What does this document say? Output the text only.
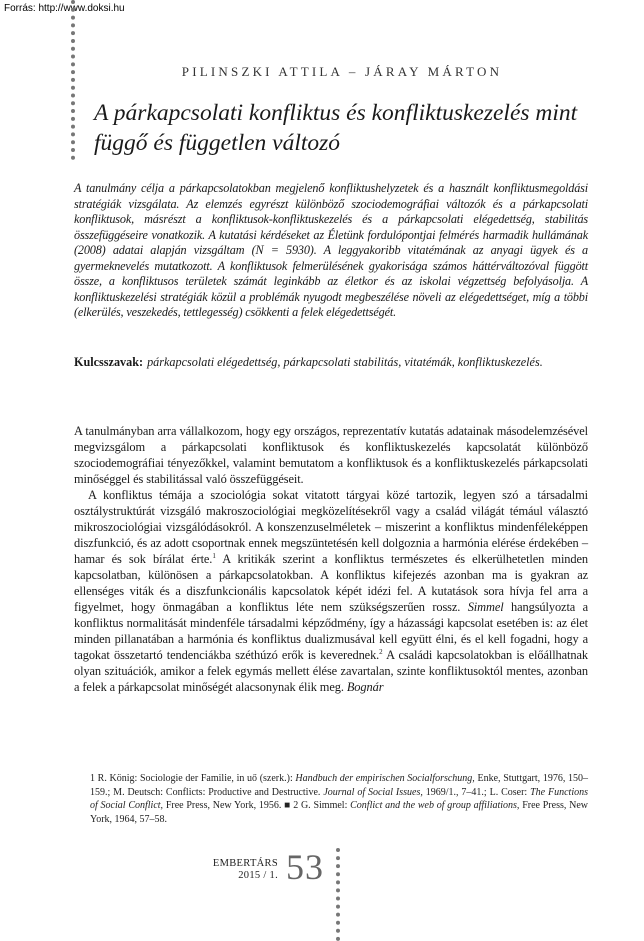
Forrás: http://www.doksi.hu

PILINSZKI ATTILA – JÁRAY MÁRTON

A párkapcsolati konfliktus és konfliktuskezelés mint függő és független változó

A tanulmány célja a párkapcsolatokban megjelenő konfliktushelyzetek és a használt konfliktusmegoldási stratégiák vizsgálata. Az elemzés egyrészt különböző szociodemográfiai változók és a párkapcsolati konfliktusok, másrészt a konfliktusok-konfliktuskezelés és a párkapcsolati elégedettség, stabilitás összefüggéseire vonatkozik. A kutatási kérdéseket az Életünk fordulópontjai felmérés harmadik hullámának (2008) adatai alapján vizsgáltam (N = 5930). A leggyakoribb vitatémának az anyagi ügyek és a gyermeknevelés mutatkozott. A konfliktusok felmerülésének gyakorisága számos háttérváltozóval függött össze, a konfliktusos területek számát leginkább az életkor és az iskolai végzettség befolyásolja. A konfliktuskezelési stratégiák közül a problémák nyugodt megbeszélése növeli az elégedettséget, míg a többi (elkerülés, veszekedés, tettlegesség) csökkenti a felek elégedettségét.

Kulcsszavak: párkapcsolati elégedettség, párkapcsolati stabilitás, vitatémák, konfliktuskezelés.

A tanulmányban arra vállalkozom, hogy egy országos, reprezentatív kutatás adatainak másodelemzésével megvizsgálom a párkapcsolati konfliktusok és konfliktuskezelés kapcsolatát különböző szociodemográfiai tényezőkkel, valamint bemutatom a konfliktusok és a konfliktuskezelés párkapcsolati minőséggel és stabilitással való összefüggéseit.

A konfliktus témája a szociológia sokat vitatott tárgyai közé tartozik, legyen szó a társadalmi osztálystruktúrát vizsgáló makroszociológiai megközelítésekről vagy a család világát témául választó mikroszociológiai vizsgálódásokról. A konszenzuselméletek – miszerint a konfliktus mindenféleképpen diszfunkció, és az adott csoportnak ennek megszüntetésén kell dolgoznia a harmónia elérése érdekében – hamar és sok bírálat érte.$^1$ A kritikák szerint a konfliktus természetes és elkerülhetetlen minden kapcsolatban, különösen a párkapcsolatokban. A konfliktus kifejezés azonban ma is gyakran az ellenséges viták és a diszfunkcionális kapcsolatok képét idézi fel. A kutatások sora hívja fel arra a figyelmet, hogy önmagában a konfliktus léte nem szükségszerűen rossz. Simmel hangsúlyozta a konfliktus normalitását mindenféle társadalmi képződmény, így a házassági kapcsolat esetében is: az élet minden pillanatában a harmónia és konfliktus dualizmusával kell együtt élni, és el kell fogadni, hogy a tagokat összetartó tendenciákba széthúzó erők is keverednek.$^2$ A családi kapcsolatokban is előállhatnak olyan szituációk, amikor a felek egymás mellett élése zavartalan, szinte konfliktusoktól mentes, azonban a felek a párkapcsolat minőségét alacsonynak élik meg. Bognár

1 R. König: Sociologie der Familie, in uő (szerk.): Handbuch der empirischen Socialforschung, Enke, Stuttgart, 1976, 150–159.; M. Deutsch: Conflicts: Productive and Destructive. Journal of Social Issues, 1969/1., 7–41.; L. Coser: The Functions of Social Conflict, Free Press, New York, 1956. ■ 2 G. Simmel: Conflict and the web of group affiliations, Free Press, New York, 1964, 57–58.

EMBERTÁRS
2015 / 1. 53
